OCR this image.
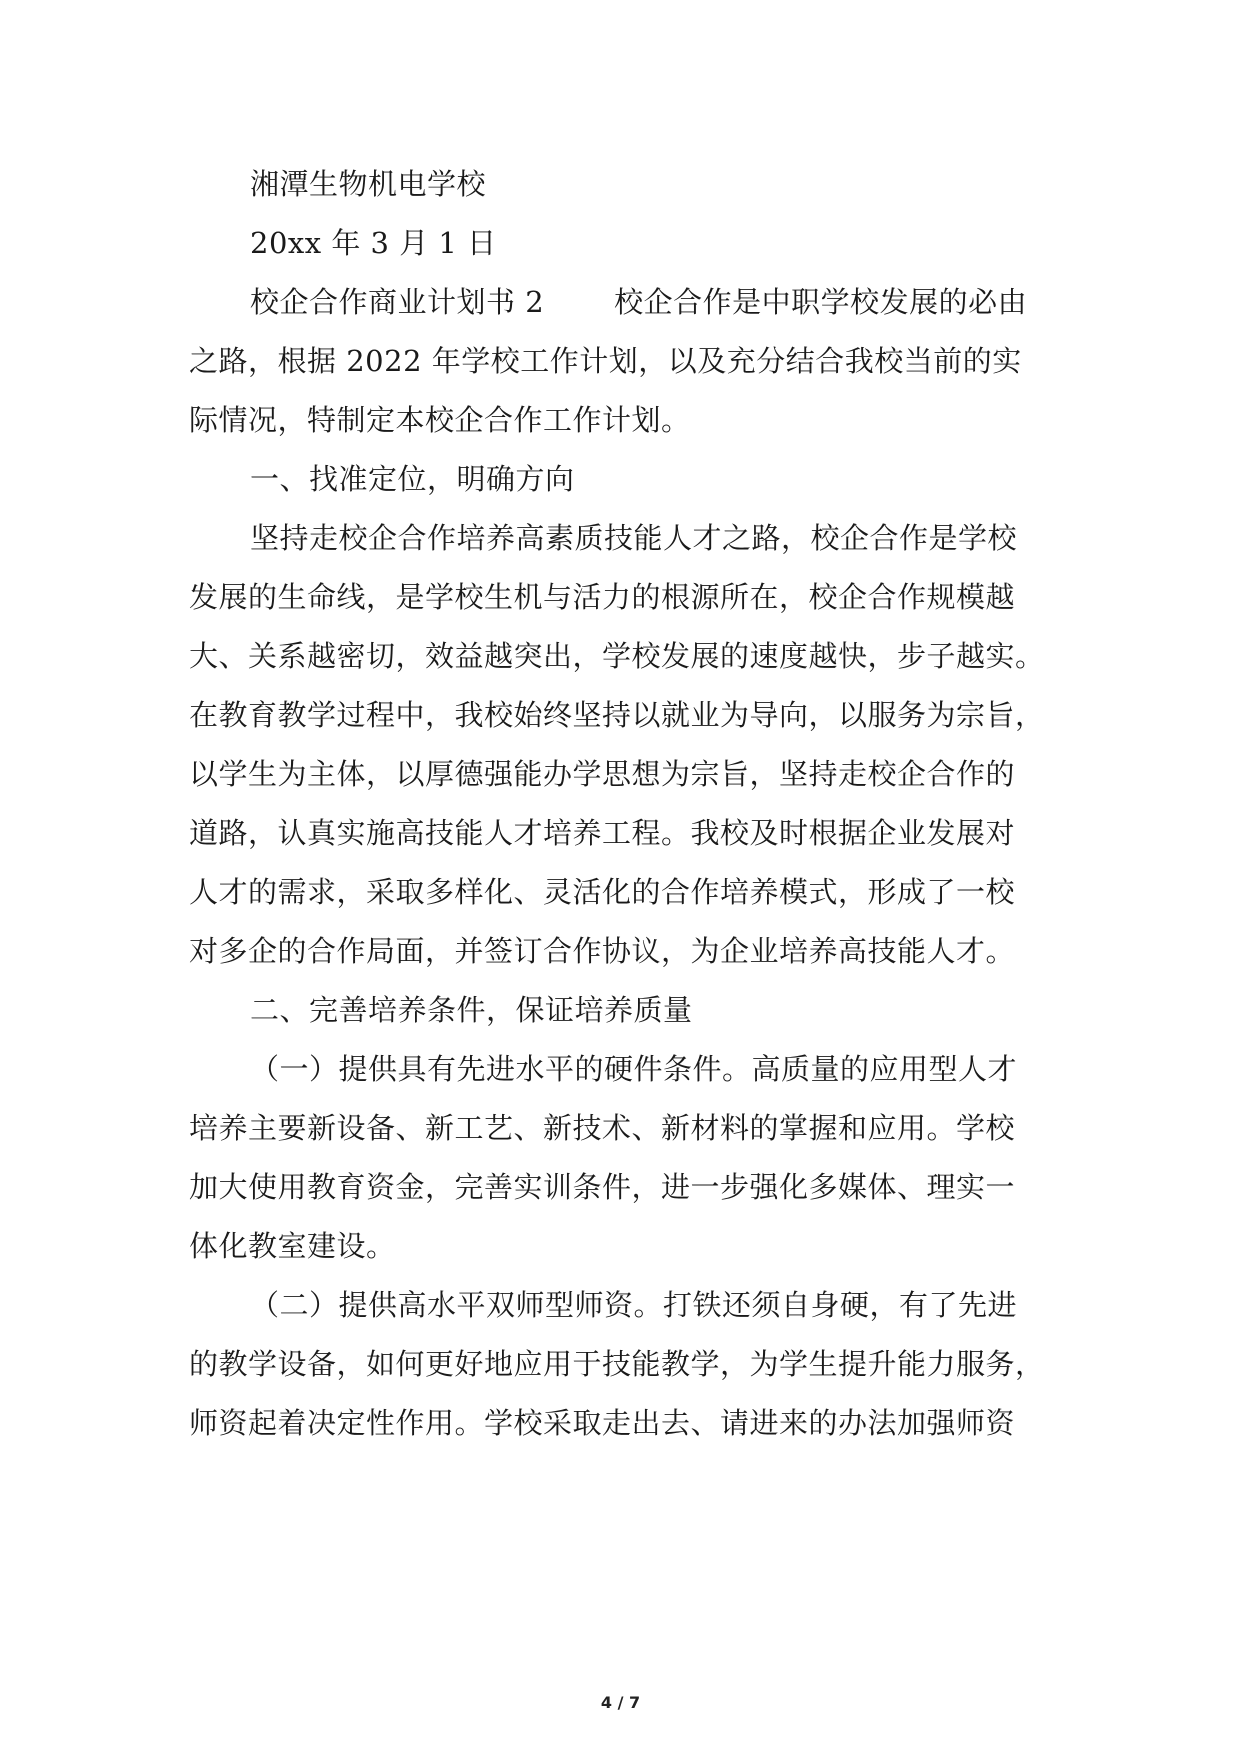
湘潭生物机电学校
20xx 年 3 月 1 日
校企合作商业计划书 2 校企合作是中职学校发展的必由
之路，根据 2022 年学校工作计划，以及充分结合我校当前的实
际情况，特制定本校企合作工作计划。
一、找准定位，明确方向
坚持走校企合作培养高素质技能人才之路，校企合作是学校
发展的生命线，是学校生机与活力的根源所在，校企合作规模越
大、关系越密切，效益越突出，学校发展的速度越快，步子越实。
在教育教学过程中，我校始终坚持以就业为导向，以服务为宗旨，
以学生为主体，以厚德强能办学思想为宗旨，坚持走校企合作的
道路，认真实施高技能人才培养工程。我校及时根据企业发展对
人才的需求，采取多样化、灵活化的合作培养模式，形成了一校
对多企的合作局面，并签订合作协议，为企业培养高技能人才。
二、完善培养条件，保证培养质量
（一）提供具有先进水平的硬件条件。高质量的应用型人才
培养主要新设备、新工艺、新技术、新材料的掌握和应用。学校
加大使用教育资金，完善实训条件，进一步强化多媒体、理实一
体化教室建设。
（二）提供高水平双师型师资。打铁还须自身硬，有了先进
的教学设备，如何更好地应用于技能教学，为学生提升能力服务，
师资起着决定性作用。学校采取走出去、请进来的办法加强师资
4 / 7
